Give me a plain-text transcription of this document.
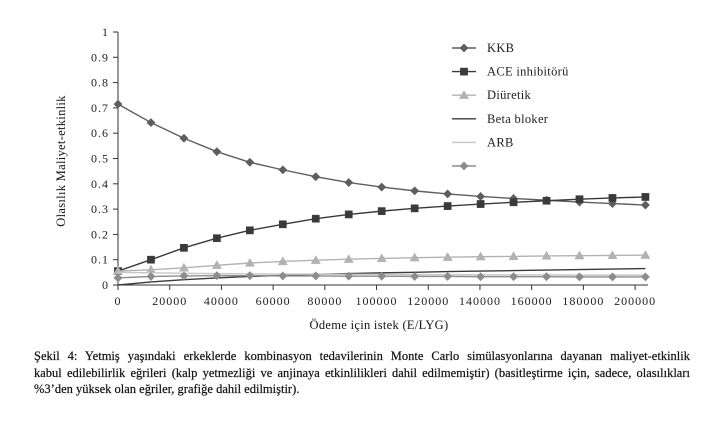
0
0.1
0.2
0.3
0.4
0.5
0.6
0.7
0.8
0.9
1
0	20000 40000 60000 80000 100000 120000 140000 160000 180000 200000
KKB
ACE inhibitörü
Diüretik
Beta bloker
ARB
Ödeme için istek (E/LYG)
Olasılık Maliyet-etkinlik
Şekil 4: Yetmiş yaşındaki erkeklerde kombinasyon tedavilerinin Monte Carlo simülasyonlarına dayanan maliyet-etkinlik
kabul edilebilirlik eğrileri (kalp yetmezliği ve anjinaya etkinlilikleri dahil edilmemiştir) (basitleştirme için, sadece, olasılıkları
%3’den yüksek olan eğriler, grafiğe dahil edilmiştir).
